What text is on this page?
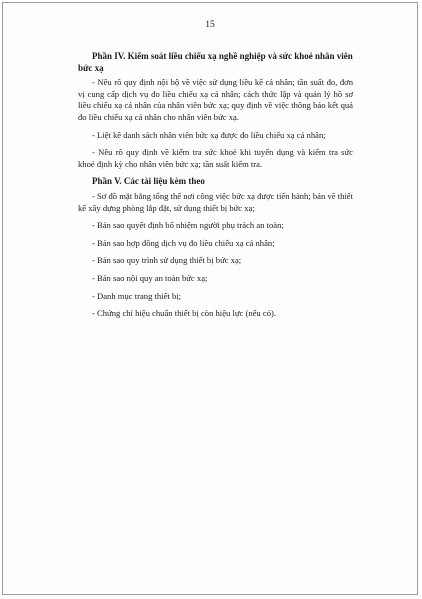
15

Phần IV. Kiểm soát liều chiếu xạ nghề nghiệp và sức khoẻ nhân viên bức xạ

- Nêu rõ quy định nội bộ về việc sử dụng liều kế cá nhân; tần suất đo, đơn vị cung cấp dịch vụ đo liều chiếu xạ cá nhân; cách thức lập và quản lý hồ sơ liều chiếu xạ cá nhân của nhân viên bức xạ; quy định về việc thông báo kết quả đo liều chiếu xạ cá nhân cho nhân viên bức xạ.

- Liệt kê danh sách nhân viên bức xạ được đo liều chiếu xạ cá nhân;

- Nêu rõ quy định về kiểm tra sức khoẻ khi tuyển dụng và kiểm tra sức khoẻ định kỳ cho nhân viên bức xạ; tần suất kiểm tra.

Phần V. Các tài liệu kèm theo

- Sơ đồ mặt bằng tổng thể nơi công việc bức xạ được tiến hành; bản vẽ thiết kế xây dựng phòng lắp đặt, sử dụng thiết bị bức xạ;

- Bản sao quyết định bổ nhiệm người phụ trách an toàn;

- Bản sao hợp đồng dịch vụ đo liều chiếu xạ cá nhân;

- Bản sao quy trình sử dụng thiết bị bức xạ;

- Bản sao nội quy an toàn bức xạ;

- Danh mục trang thiết bị;

- Chứng chỉ hiệu chuẩn thiết bị còn hiệu lực (nếu có).
